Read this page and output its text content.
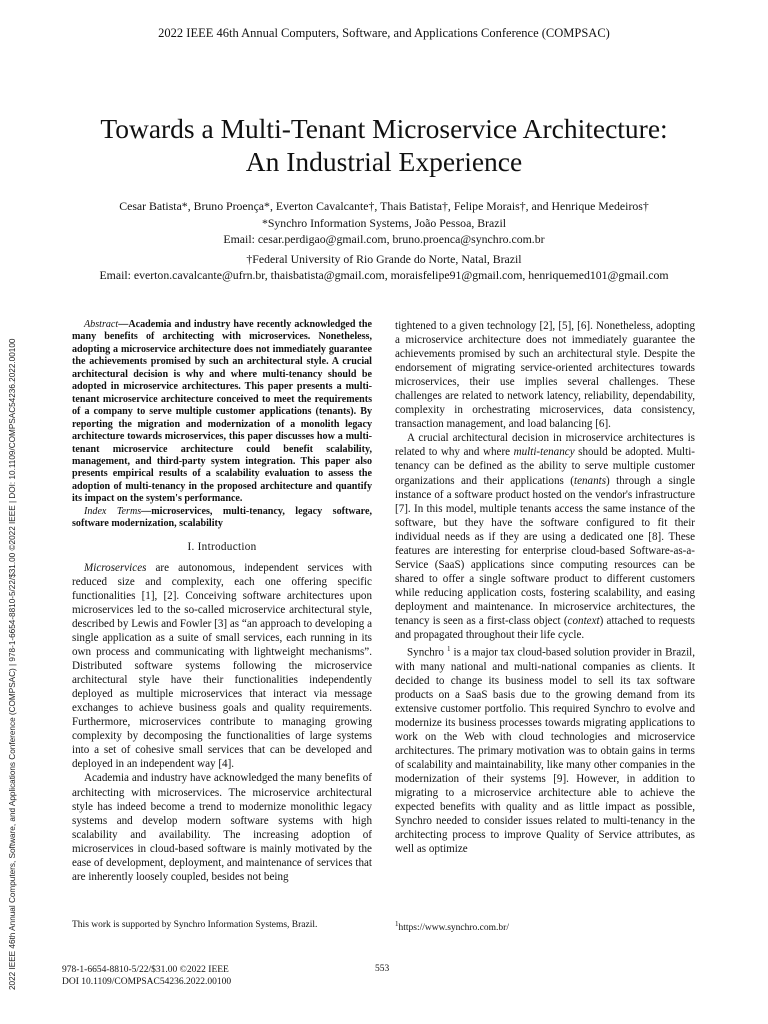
2022 IEEE 46th Annual Computers, Software, and Applications Conference (COMPSAC)
2022 IEEE 46th Annual Computers, Software, and Applications Conference (COMPSAC) | 978-1-6654-8810-5/22/$31.00 ©2022 IEEE | DOI: 10.1109/COMPSAC54236.2022.00100
Towards a Multi-Tenant Microservice Architecture:
An Industrial Experience
Cesar Batista*, Bruno Proença*, Everton Cavalcante†, Thais Batista†, Felipe Morais†, and Henrique Medeiros†
*Synchro Information Systems, João Pessoa, Brazil
Email: cesar.perdigao@gmail.com, bruno.proenca@synchro.com.br
†Federal University of Rio Grande do Norte, Natal, Brazil
Email: everton.cavalcante@ufrn.br, thaisbatista@gmail.com, moraisfelipe91@gmail.com, henriquemed101@gmail.com

Abstract—Academia and industry have recently acknowledged the many benefits of architecting with microservices. Nonetheless, adopting a microservice architecture does not immediately guarantee the achievements promised by such an architectural style. A crucial architectural decision is why and where multi-tenancy should be adopted in microservice architectures. This paper presents a multi-tenant microservice architecture conceived to meet the requirements of a company to serve multiple customer applications (tenants). By reporting the migration and modernization of a monolith legacy architecture towards microservices, this paper discusses how a multi-tenant microservice architecture could benefit scalability, management, and third-party system integration. This paper also presents empirical results of a scalability evaluation to assess the adoption of multi-tenancy in the proposed architecture and quantify its impact on the system's performance.

Index Terms—microservices, multi-tenancy, legacy software, software modernization, scalability

I. Introduction

Microservices are autonomous, independent services with reduced size and complexity, each one offering specific functionalities [1], [2]. Conceiving software architectures upon microservices led to the so-called microservice architectural style, described by Lewis and Fowler [3] as “an approach to developing a single application as a suite of small services, each running in its own process and communicating with lightweight mechanisms”. Distributed software systems following the microservice architectural style have their functionalities independently deployed as multiple microservices that interact via message exchanges to achieve business goals and quality requirements. Furthermore, microservices contribute to managing growing complexity by decomposing the functionalities of large systems into a set of cohesive small services that can be developed and deployed in an independent way [4].

Academia and industry have acknowledged the many benefits of architecting with microservices. The microservice architectural style has indeed become a trend to modernize monolithic legacy systems and develop modern software systems with high scalability and availability. The increasing adoption of microservices in cloud-based software is mainly motivated by the ease of development, deployment, and maintenance of services that are inherently loosely coupled, besides not being

tightened to a given technology [2], [5], [6]. Nonetheless, adopting a microservice architecture does not immediately guarantee the achievements promised by such an architectural style. Despite the endorsement of migrating service-oriented architectures towards microservices, their use implies several challenges. These challenges are related to network latency, reliability, dependability, complexity in orchestrating microservices, data consistency, transaction management, and load balancing [6].

A crucial architectural decision in microservice architectures is related to why and where multi-tenancy should be adopted. Multi-tenancy can be defined as the ability to serve multiple customer organizations and their applications (tenants) through a single instance of a software product hosted on the vendor's infrastructure [7]. In this model, multiple tenants access the same instance of the software, but they have the software configured to fit their individual needs as if they are using a dedicated one [8]. These features are interesting for enterprise cloud-based Software-as-a-Service (SaaS) applications since computing resources can be shared to offer a single software product to different customers while reducing application costs, fostering scalability, and easing deployment and maintenance. In microservice architectures, the tenancy is seen as a first-class object (context) attached to requests and propagated throughout their life cycle.

Synchro $^1$ is a major tax cloud-based solution provider in Brazil, with many national and multi-national companies as clients. It decided to change its business model to sell its tax software products on a SaaS basis due to the growing demand from its extensive customer portfolio. This required Synchro to evolve and modernize its business processes towards migrating applications to work on the Web with cloud technologies and microservice architectures. The primary motivation was to obtain gains in terms of scalability and maintainability, like many other companies in the modernization of their systems [9]. However, in addition to migrating to a microservice architecture able to achieve the expected benefits with quality and as little impact as possible, Synchro needed to consider issues related to multi-tenancy in the architecting process to improve Quality of Service attributes, as well as optimize

This work is supported by Synchro Information Systems, Brazil.	$^1$https://www.synchro.com.br/
978-1-6654-8810-5/22/$31.00 ©2022 IEEE
DOI 10.1109/COMPSAC54236.2022.00100
553
